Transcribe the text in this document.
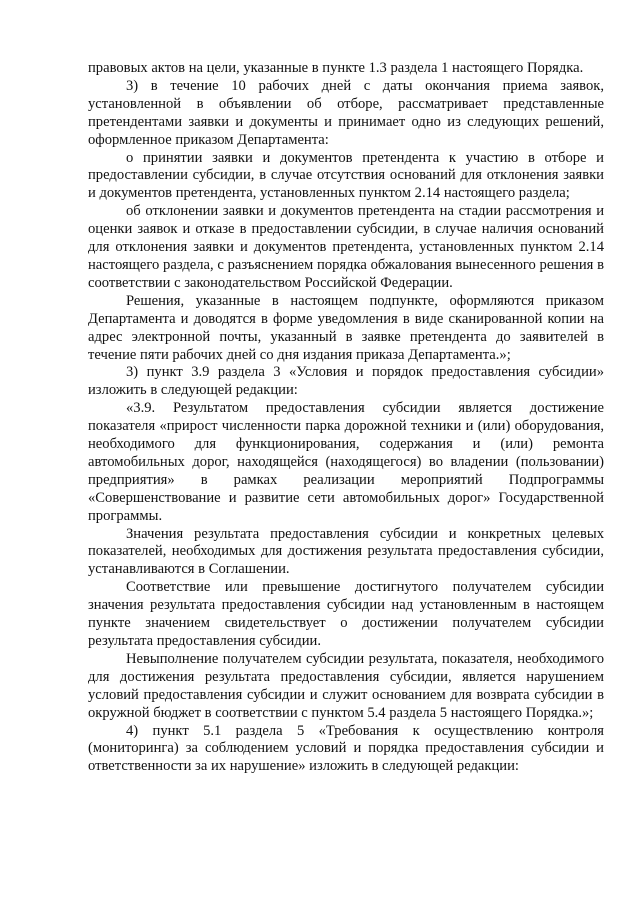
правовых актов на цели, указанные в пункте 1.3 раздела 1 настоящего Порядка.

3) в течение 10 рабочих дней с даты окончания приема заявок, установленной в объявлении об отборе, рассматривает представленные претендентами заявки и документы и принимает одно из следующих решений, оформленное приказом Департамента:

о принятии заявки и документов претендента к участию в отборе и предоставлении субсидии, в случае отсутствия оснований для отклонения заявки и документов претендента, установленных пунктом 2.14 настоящего раздела;

об отклонении заявки и документов претендента на стадии рассмотрения и оценки заявок и отказе в предоставлении субсидии, в случае наличия оснований для отклонения заявки и документов претендента, установленных пунктом 2.14 настоящего раздела, с разъяснением порядка обжалования вынесенного решения в соответствии с законодательством Российской Федерации.

Решения, указанные в настоящем подпункте, оформляются приказом Департамента и доводятся в форме уведомления в виде сканированной копии на адрес электронной почты, указанный в заявке претендента до заявителей в течение пяти рабочих дней со дня издания приказа Департамента.»;

3) пункт 3.9 раздела 3 «Условия и порядок предоставления субсидии» изложить в следующей редакции:

«3.9. Результатом предоставления субсидии является достижение показателя «прирост численности парка дорожной техники и (или) оборудования, необходимого для функционирования, содержания и (или) ремонта автомобильных дорог, находящейся (находящегося) во владении (пользовании) предприятия» в рамках реализации мероприятий Подпрограммы «Совершенствование и развитие сети автомобильных дорог» Государственной программы.

Значения результата предоставления субсидии и конкретных целевых показателей, необходимых для достижения результата предоставления субсидии, устанавливаются в Соглашении.

Соответствие или превышение достигнутого получателем субсидии значения результата предоставления субсидии над установленным в настоящем пункте значением свидетельствует о достижении получателем субсидии результата предоставления субсидии.

Невыполнение получателем субсидии результата, показателя, необходимого для достижения результата предоставления субсидии, является нарушением условий предоставления субсидии и служит основанием для возврата субсидии в окружной бюджет в соответствии с пунктом 5.4 раздела 5 настоящего Порядка.»;

4) пункт 5.1 раздела 5 «Требования к осуществлению контроля (мониторинга) за соблюдением условий и порядка предоставления субсидии и ответственности за их нарушение» изложить в следующей редакции:
